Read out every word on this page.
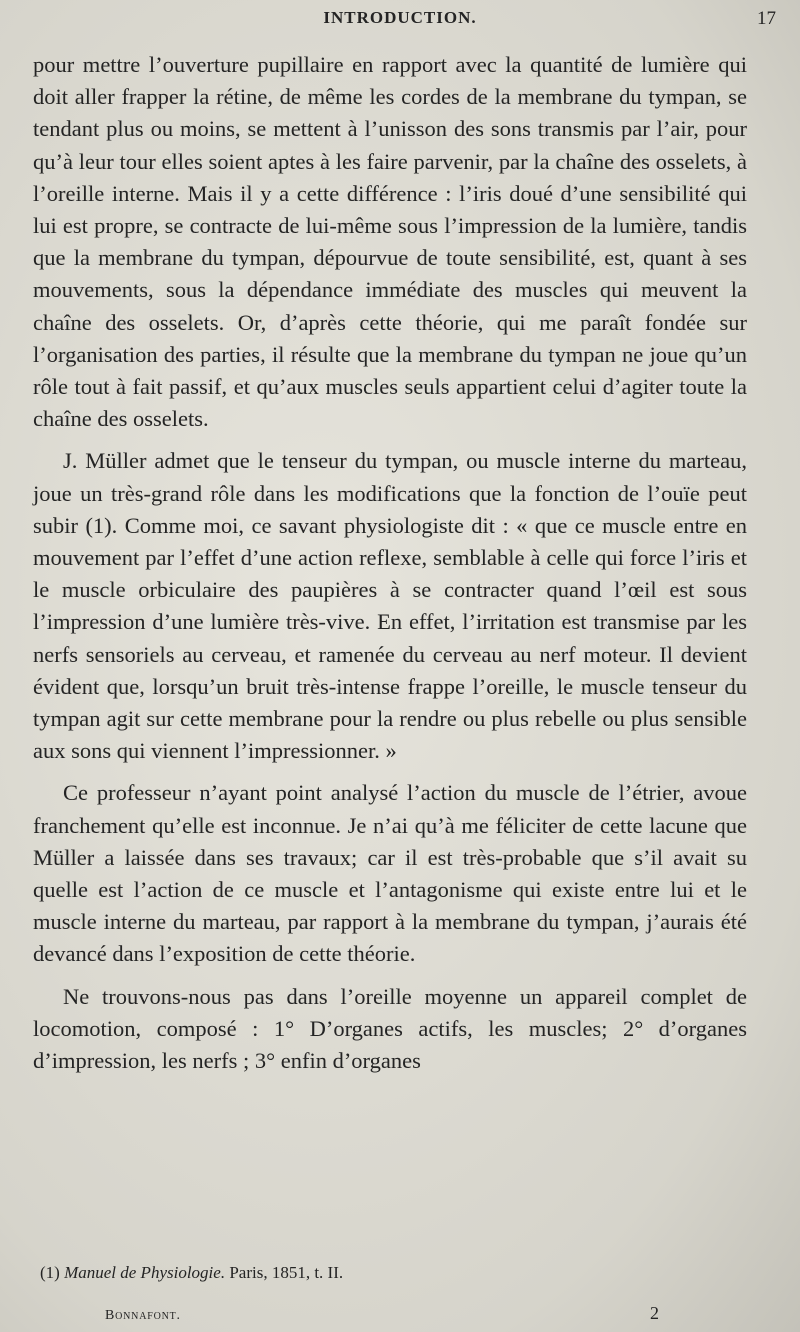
INTRODUCTION.	17

pour mettre l’ouverture pupillaire en rapport avec la quantité de lumière qui doit aller frapper la rétine, de même les cordes de la membrane du tympan, se tendant plus ou moins, se mettent à l’unisson des sons transmis par l’air, pour qu’à leur tour elles soient aptes à les faire parvenir, par la chaîne des osselets, à l’oreille interne. Mais il y a cette différence : l’iris doué d’une sensibilité qui lui est propre, se contracte de lui-même sous l’impression de la lumière, tandis que la membrane du tympan, dépourvue de toute sensibilité, est, quant à ses mouvements, sous la dépendance immédiate des muscles qui meuvent la chaîne des osselets. Or, d’après cette théorie, qui me paraît fondée sur l’organisation des parties, il résulte que la membrane du tympan ne joue qu’un rôle tout à fait passif, et qu’aux muscles seuls appartient celui d’agiter toute la chaîne des osselets.

J. Müller admet que le tenseur du tympan, ou muscle interne du marteau, joue un très-grand rôle dans les modifications que la fonction de l’ouïe peut subir (1). Comme moi, ce savant physiologiste dit : « que ce muscle entre en mouvement par l’effet d’une action reflexe, semblable à celle qui force l’iris et le muscle orbiculaire des paupières à se contracter quand l’œil est sous l’impression d’une lumière très-vive. En effet, l’irritation est transmise par les nerfs sensoriels au cerveau, et ramenée du cerveau au nerf moteur. Il devient évident que, lorsqu’un bruit très-intense frappe l’oreille, le muscle tenseur du tympan agit sur cette membrane pour la rendre ou plus rebelle ou plus sensible aux sons qui viennent l’impressionner. »

Ce professeur n’ayant point analysé l’action du muscle de l’étrier, avoue franchement qu’elle est inconnue. Je n’ai qu’à me féliciter de cette lacune que Müller a laissée dans ses travaux; car il est très-probable que s’il avait su quelle est l’action de ce muscle et l’antagonisme qui existe entre lui et le muscle interne du marteau, par rapport à la membrane du tympan, j’aurais été devancé dans l’exposition de cette théorie.

Ne trouvons-nous pas dans l’oreille moyenne un appareil complet de locomotion, composé : 1° D’organes actifs, les muscles; 2° d’organes d’impression, les nerfs ; 3° enfin d’organes

(1) Manuel de Physiologie. Paris, 1851, t. II.
Bonnafont.	2
